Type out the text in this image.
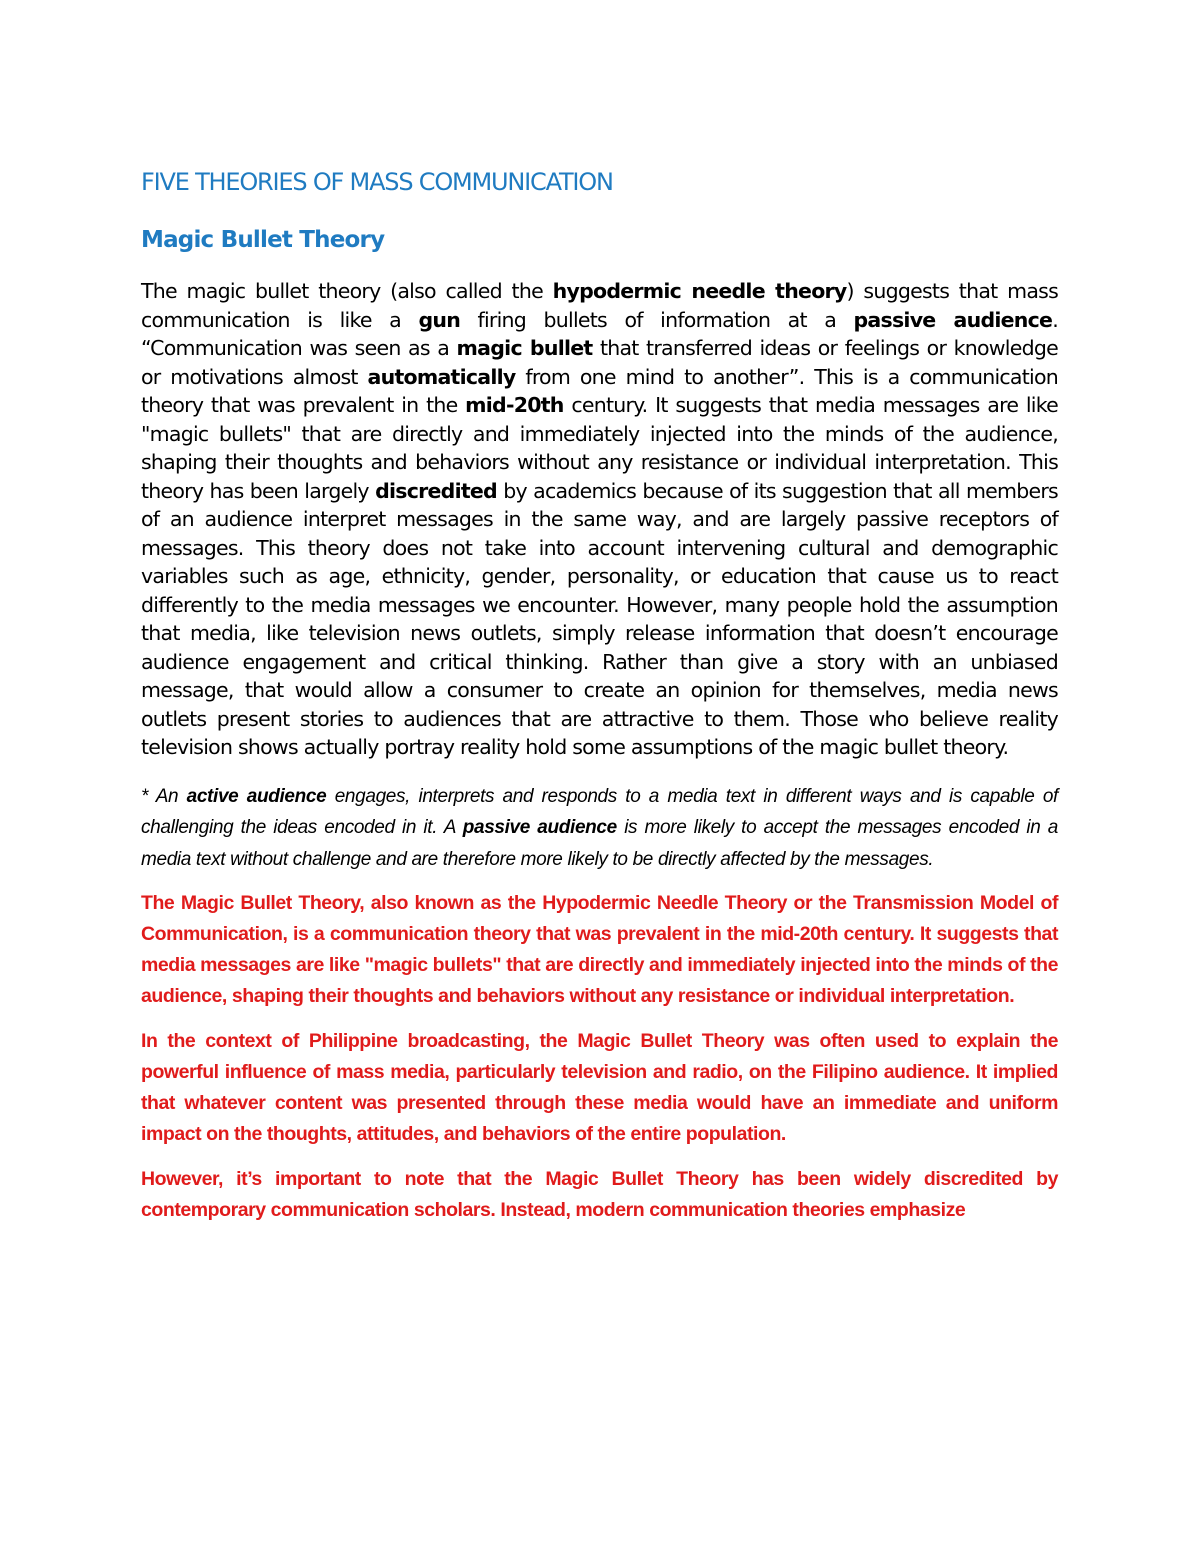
FIVE THEORIES OF MASS COMMUNICATION
Magic Bullet Theory

The magic bullet theory (also called the hypodermic needle theory) suggests that mass communication is like a gun firing bullets of information at a passive audience. “Communication was seen as a magic bullet that transferred ideas or feelings or knowledge or motivations almost automatically from one mind to another”. This is a communication theory that was prevalent in the mid-20th century. It suggests that media messages are like "magic bullets" that are directly and immediately injected into the minds of the audience, shaping their thoughts and behaviors without any resistance or individual interpretation. This theory has been largely discredited by academics because of its suggestion that all members of an audience interpret messages in the same way, and are largely passive receptors of messages. This theory does not take into account intervening cultural and demographic variables such as age, ethnicity, gender, personality, or education that cause us to react differently to the media messages we encounter. However, many people hold the assumption that media, like television news outlets, simply release information that doesn’t encourage audience engagement and critical thinking. Rather than give a story with an unbiased message, that would allow a consumer to create an opinion for themselves, media news outlets present stories to audiences that are attractive to them. Those who believe reality television shows actually portray reality hold some assumptions of the magic bullet theory.

* An active audience engages, interprets and responds to a media text in different ways and is capable of challenging the ideas encoded in it. A passive audience is more likely to accept the messages encoded in a media text without challenge and are therefore more likely to be directly affected by the messages.

The Magic Bullet Theory, also known as the Hypodermic Needle Theory or the Transmission Model of Communication, is a communication theory that was prevalent in the mid-20th century. It suggests that media messages are like "magic bullets" that are directly and immediately injected into the minds of the audience, shaping their thoughts and behaviors without any resistance or individual interpretation.

In the context of Philippine broadcasting, the Magic Bullet Theory was often used to explain the powerful influence of mass media, particularly television and radio, on the Filipino audience. It implied that whatever content was presented through these media would have an immediate and uniform impact on the thoughts, attitudes, and behaviors of the entire population.

However, it’s important to note that the Magic Bullet Theory has been widely discredited by contemporary communication scholars. Instead, modern communication theories emphasize
